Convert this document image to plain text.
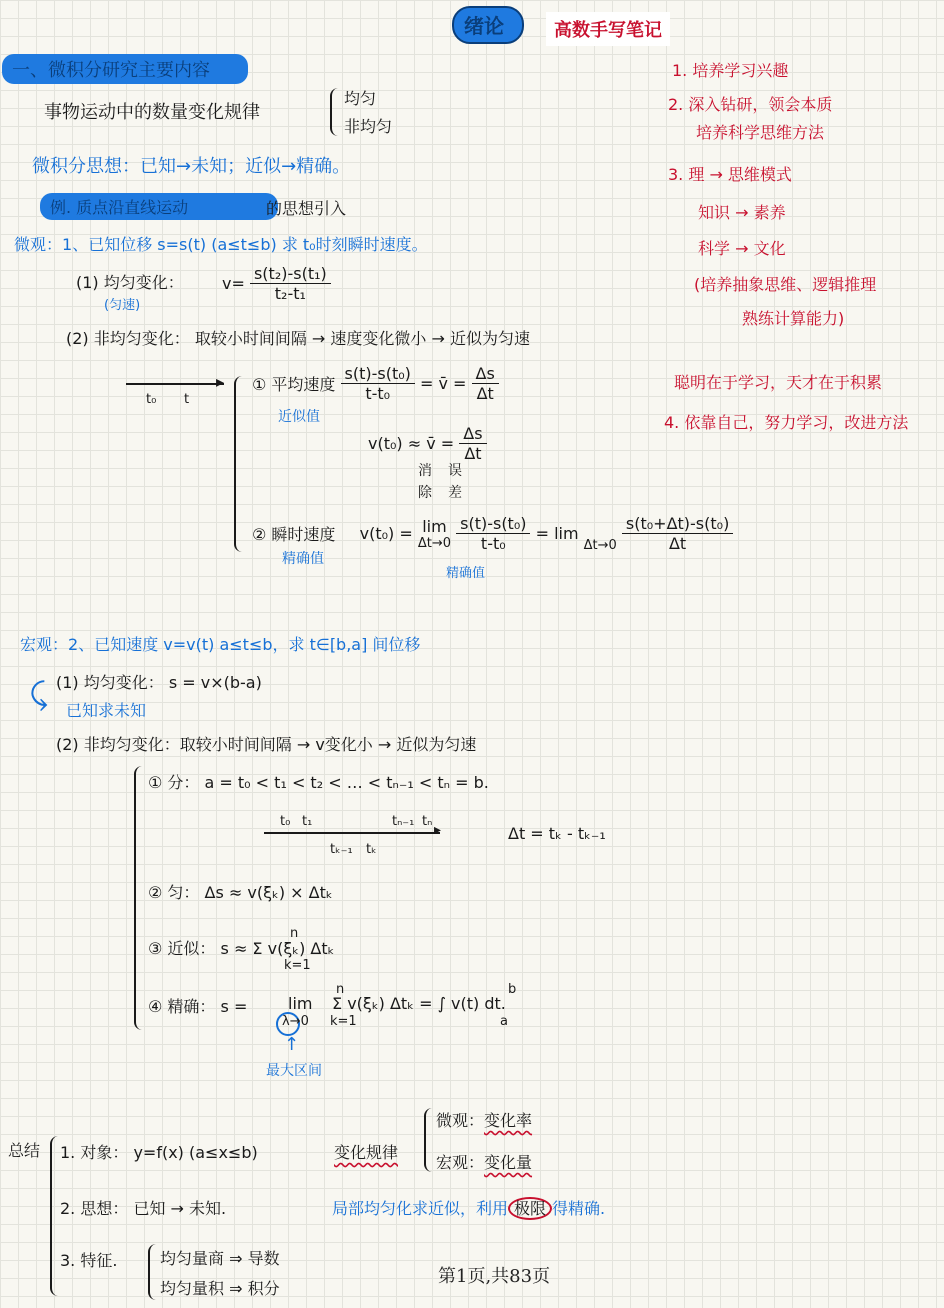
绪论	高数手写笔记
一、微积分研究主要内容
事物运动中的数量变化规律
均匀
非均匀
微积分思想：已知→未知；近似→精确。
例. 质点沿直线运动	的思想引入
微观：1、已知位移 s=s(t) (a≤t≤b) 求 t₀时刻瞬时速度。
(1) 均匀变化：
(匀速)
$v= \frac{\text{s(t₂)-s(t₁)}}{\text{t₂-t₁}}$
(2) 非均匀变化： 取较小时间间隔 → 速度变化微小 → 近似为匀速
▸
t₀ t
① 平均速度 $\frac{\text{s(t)-s(t₀)}}{\text{t-t₀}}$ = v̄ = $\frac{\Delta s}{\Delta t}$
近似值
v(t₀) ≈ v̄ = $\frac{\Delta s}{\Delta t}$
消除
误差
② 瞬时速度 v(t₀) = lim
Δt→0
$\frac{\text{s(t)-s(t₀)}}{\text{t-t₀}} = \lim \Delta t\to 0 \frac{\text{s(t₀+Δt)-s(t₀)}}{\Delta t}$
精确值
精确值
1. 培养学习兴趣
2. 深入钻研，领会本质
培养科学思维方法
3. 理 → 思维模式
知识 → 素养
科学 → 文化
(培养抽象思维、逻辑推理
熟练计算能力)
聪明在于学习，天才在于积累
4. 依靠自己，努力学习，改进方法
宏观：2、已知速度 v=v(t) a≤t≤b，求 t∈[b,a] 间位移
(1) 均匀变化： s = v×(b-a)
已知求未知
⤹
(2) 非均匀变化：取较小时间间隔 → v变化小 → 近似为匀速
① 分： a = t₀ < t₁ < t₂ < … < tₙ₋₁ < tₙ = b.
▸
t₀ t₁	tₙ₋₁ tₙ
tₖ₋₁ tₖ
Δt = tₖ - tₖ₋₁
② 匀： Δs ≈ v(ξₖ) × Δtₖ
③ 近似： s ≈ Σ v(ξₖ) Δtₖ
n
k=1
④ 精确： s =	lim
λ→0
Σ v(ξₖ) Δtₖ = ∫ v(t) dt.
n
k=1
b
a
↑
最大区间
总结 1. 对象： y=f(x) (a≤x≤b)	变化规律
微观：变化率
宏观：变化量
2. 思想： 已知 → 未知.	局部均匀化求近似，利用 极限 得精确.
3. 特征.	均匀量商 ⇒ 导数
均匀量积 ⇒ 积分
第1页,共83页
